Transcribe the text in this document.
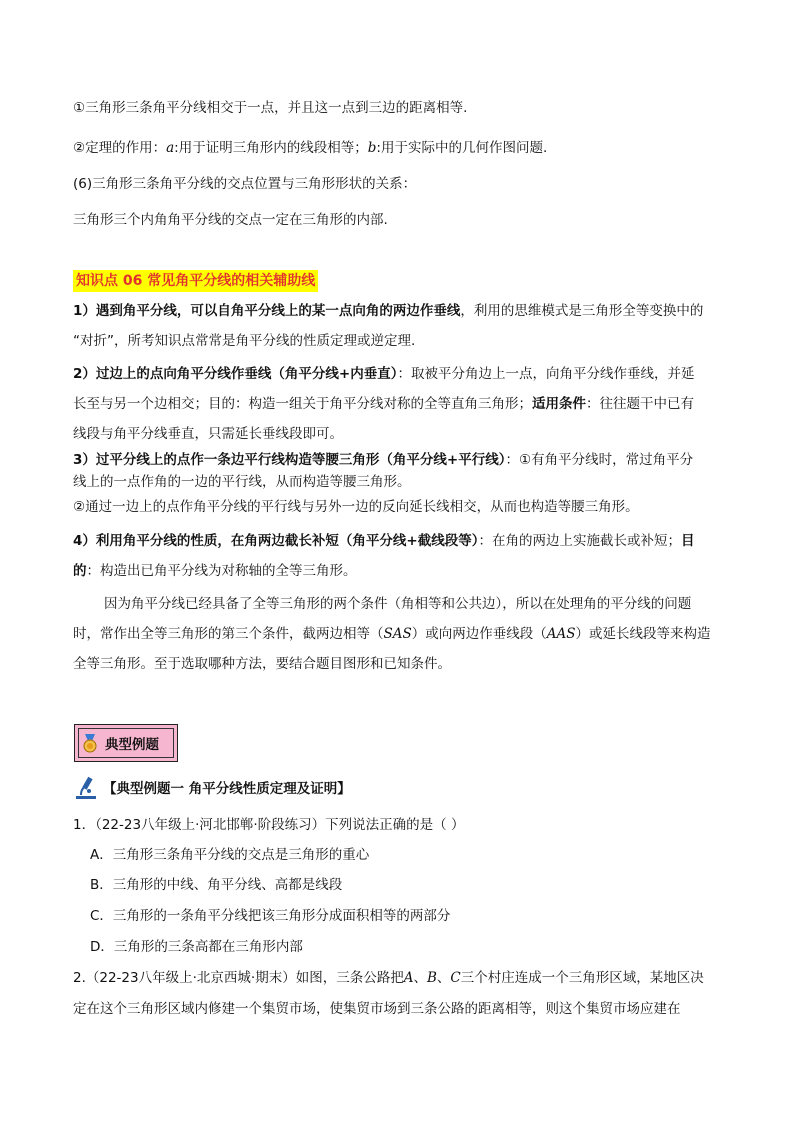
①三角形三条角平分线相交于一点，并且这一点到三边的距离相等.
②定理的作用：a:用于证明三角形内的线段相等；b:用于实际中的几何作图问题.
(6)三角形三条角平分线的交点位置与三角形形状的关系：
三角形三个内角角平分线的交点一定在三角形的内部.
知识点 06 常见角平分线的相关辅助线
1）遇到角平分线，可以自角平分线上的某一点向角的两边作垂线，利用的思维模式是三角形全等变换中的
“对折”，所考知识点常常是角平分线的性质定理或逆定理.
2）过边上的点向角平分线作垂线（角平分线+内垂直）：取被平分角边上一点，向角平分线作垂线，并延
长至与另一个边相交；目的：构造一组关于角平分线对称的全等直角三角形；适用条件：往往题干中已有
线段与角平分线垂直，只需延长垂线段即可。
3）过平分线上的点作一条边平行线构造等腰三角形（角平分线+平行线）：①有角平分线时，常过角平分
线上的一点作角的一边的平行线，从而构造等腰三角形。
②通过一边上的点作角平分线的平行线与另外一边的反向延长线相交，从而也构造等腰三角形。
4）利用角平分线的性质，在角两边截长补短（角平分线+截线段等）：在角的两边上实施截长或补短；目
的：构造出已角平分线为对称轴的全等三角形。
因为角平分线已经具备了全等三角形的两个条件（角相等和公共边），所以在处理角的平分线的问题
时，常作出全等三角形的第三个条件，截两边相等（SAS）或向两边作垂线段（AAS）或延长线段等来构造
全等三角形。至于选取哪种方法，要结合题目图形和已知条件。
典型例题
【典型例题一 角平分线性质定理及证明】
1．（22-23八年级上·河北邯郸·阶段练习）下列说法正确的是（ ）
A．三角形三条角平分线的交点是三角形的重心
B．三角形的中线、角平分线、高都是线段
C．三角形的一条角平分线把该三角形分成面积相等的两部分
D．三角形的三条高都在三角形内部
2.（22-23八年级上·北京西城·期末）如图，三条公路把A、B、C三个村庄连成一个三角形区域，某地区决
定在这个三角形区域内修建一个集贸市场，使集贸市场到三条公路的距离相等，则这个集贸市场应建在
